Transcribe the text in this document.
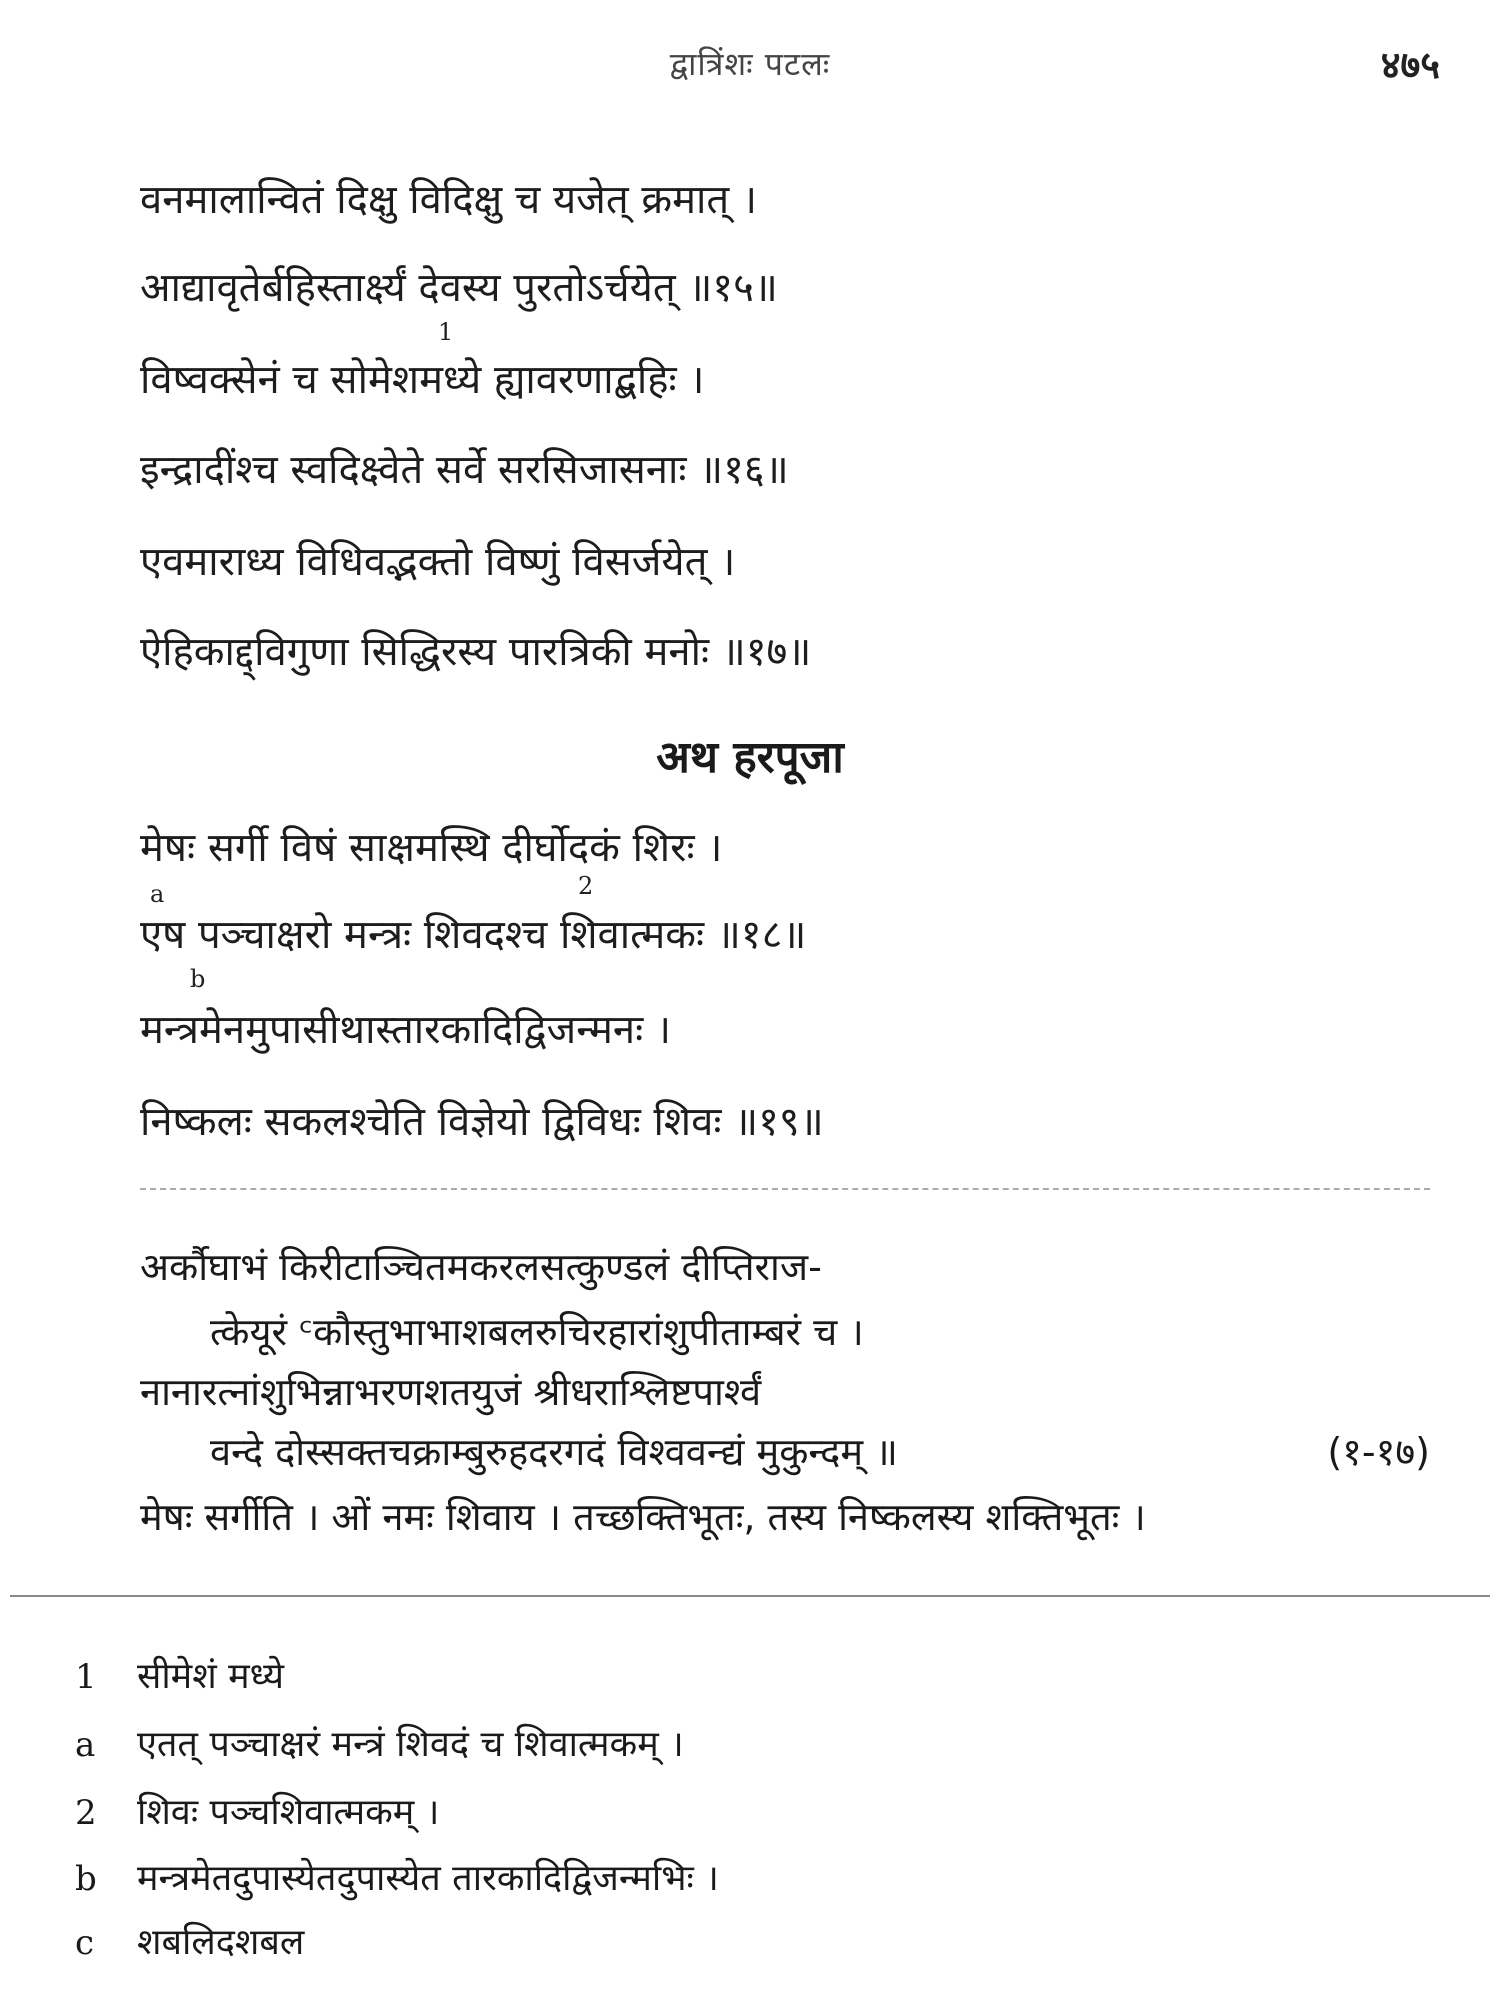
द्वात्रिंशः पटलः	४७५
वनमालान्वितं दिक्षु विदिक्षु च यजेत् क्रमात् ।
आद्यावृतेर्बहिस्तार्क्ष्यं देवस्य पुरतोऽर्चयेत् ॥१५॥
1
विष्वक्सेनं च सोमेशमध्ये ह्यावरणाद्बहिः ।
इन्द्रादींश्च स्वदिक्ष्वेते सर्वे सरसिजासनाः ॥१६॥
एवमाराध्य विधिवद्भक्तो विष्णुं विसर्जयेत् ।
ऐहिकाद्द्विगुणा सिद्धिरस्य पारत्रिकी मनोः ॥१७॥
अथ हरपूजा
मेषः सर्गी विषं साक्षमस्थि दीर्घोदकं शिरः ।
a	2
एष पञ्चाक्षरो मन्त्रः शिवदश्च शिवात्मकः ॥१८॥
b
मन्त्रमेनमुपासीथास्तारकादिद्विजन्मनः ।
निष्कलः सकलश्चेति विज्ञेयो द्विविधः शिवः ॥१९॥
अर्कौघाभं किरीटाञ्चितमकरलसत्कुण्डलं दीप्तिराज-
त्केयूरं ᶜकौस्तुभाभाशबलरुचिरहारांशुपीताम्बरं च ।
नानारत्नांशुभिन्नाभरणशतयुजं श्रीधराश्लिष्टपार्श्वं
वन्दे दोस्सक्तचक्राम्बुरुहदरगदं विश्ववन्द्यं मुकुन्दम् ॥	(१-१७)
मेषः सर्गीति । ओं नमः शिवाय । तच्छक्तिभूतः, तस्य निष्कलस्य शक्तिभूतः ।
1 सीमेशं मध्ये
a एतत् पञ्चाक्षरं मन्त्रं शिवदं च शिवात्मकम् ।
2 शिवः पञ्चशिवात्मकम् ।
b मन्त्रमेतदुपास्येतदुपास्येत तारकादिद्विजन्मभिः ।
c शबलिदशबल
